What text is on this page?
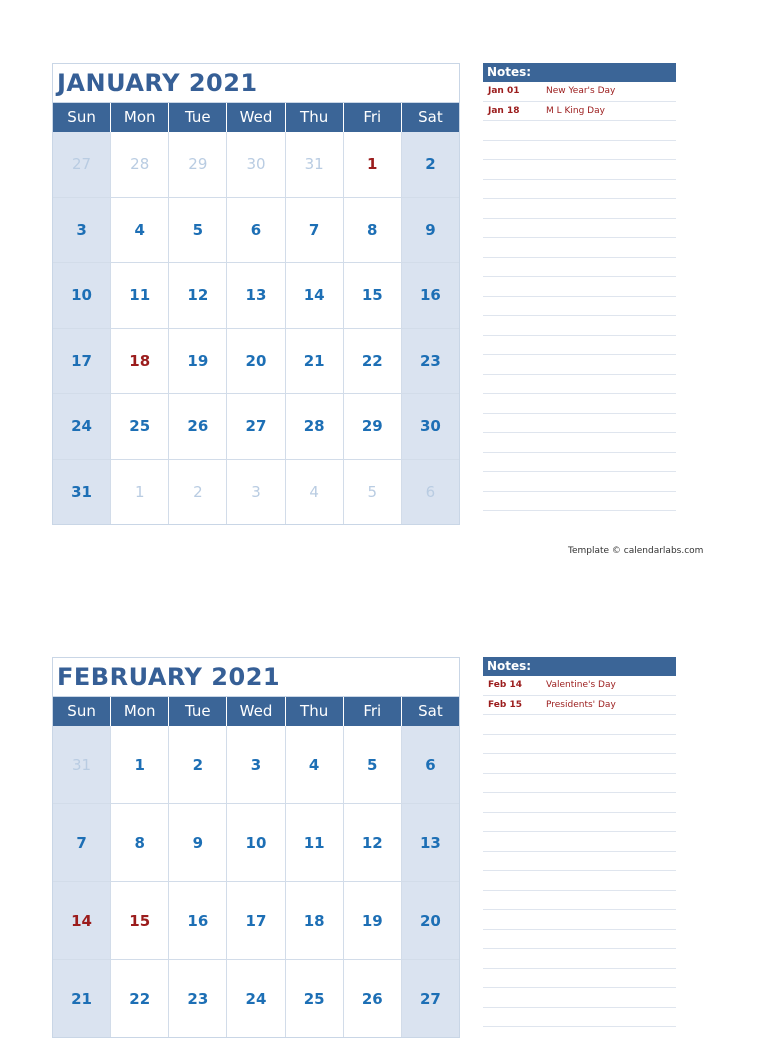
JANUARY 2021
Sun	Mon	Tue	Wed	Thu	Fri	Sat
27	28	29	30	31	1	2
3	4	5	6	7	8	9
10	11	12	13	14	15	16
17	18	19	20	21	22	23
24	25	26	27	28	29	30
31	1	2	3	4	5	6
Notes:
Jan 01	New Year's Day
Jan 18	M L King Day
Template © calendarlabs.com
FEBRUARY 2021
Sun	Mon	Tue	Wed	Thu	Fri	Sat
31	1	2	3	4	5	6
7	8	9	10	11	12	13
14	15	16	17	18	19	20
21	22	23	24	25	26	27
Notes:
Feb 14	Valentine's Day
Feb 15	Presidents' Day
